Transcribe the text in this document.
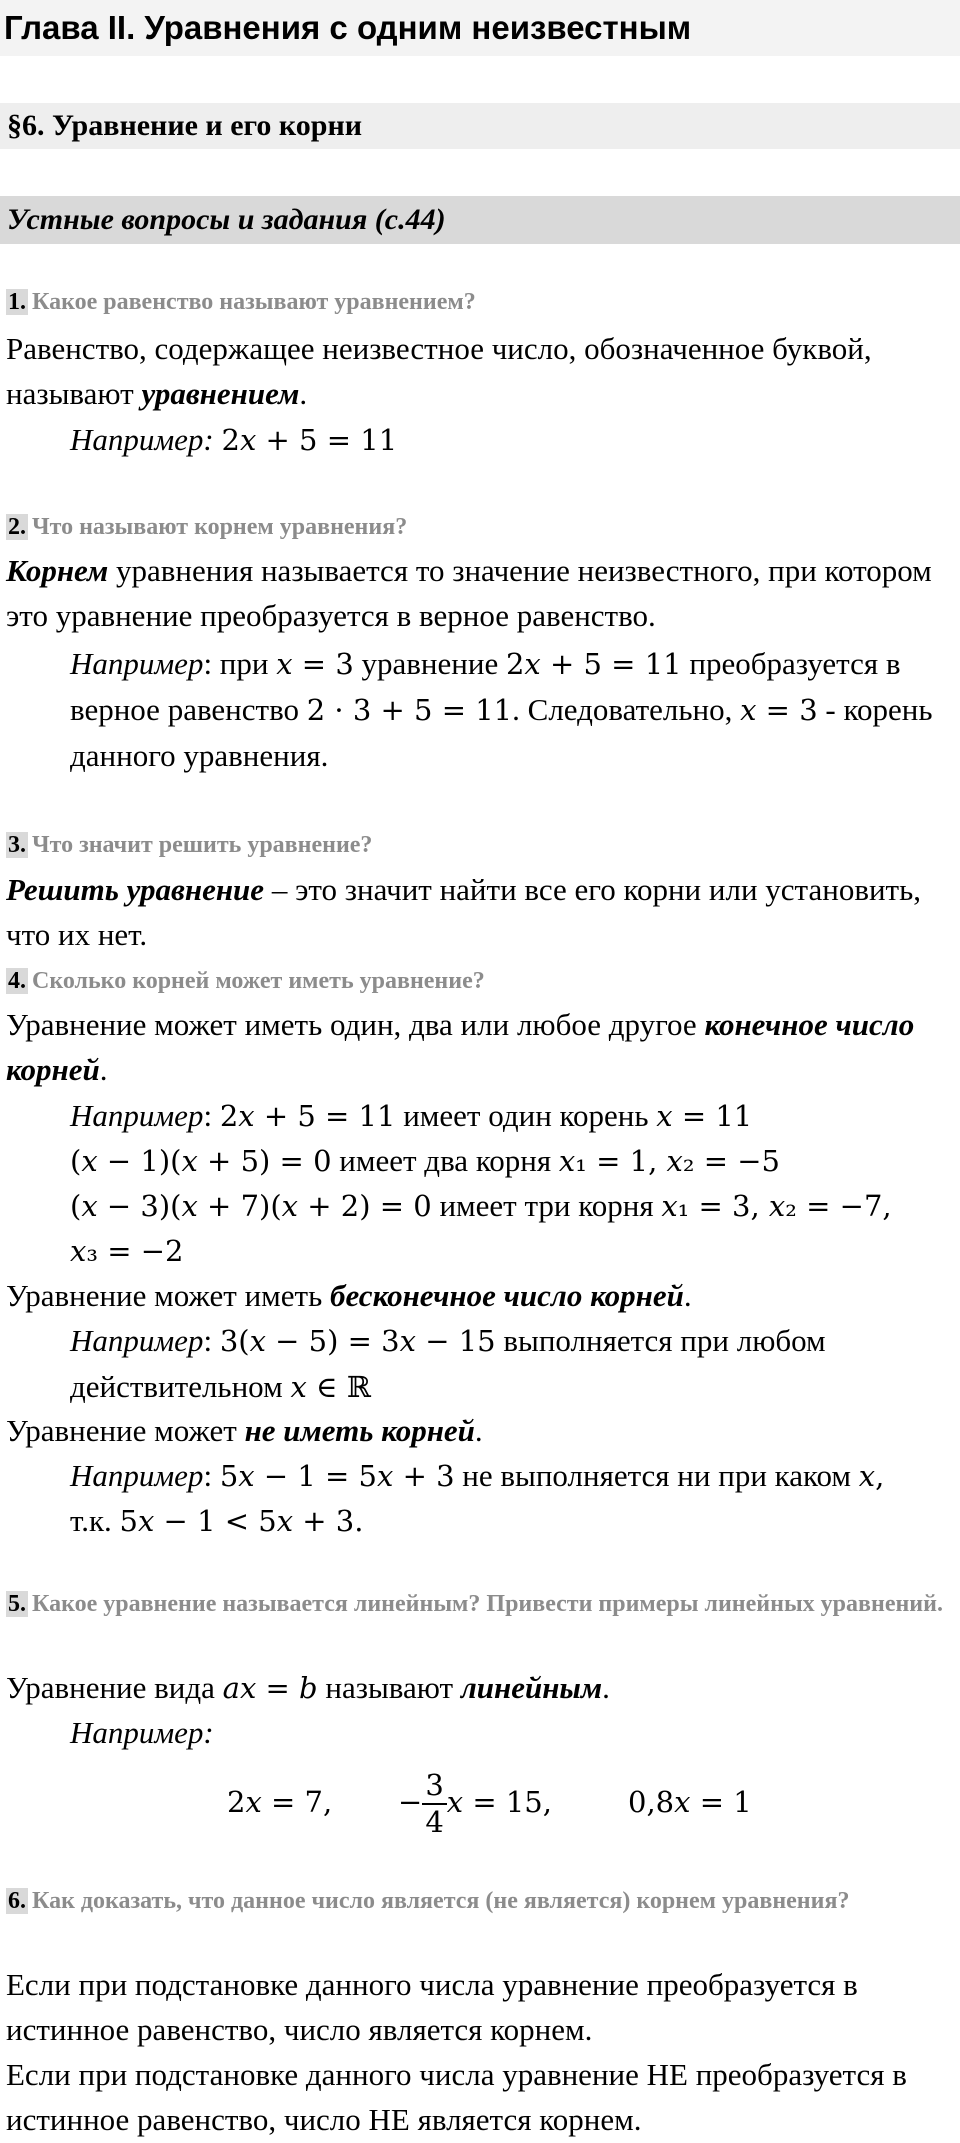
Глава II. Уравнения с одним неизвестным
§6. Уравнение и его корни
Устные вопросы и задания (с.44)
1. Какое равенство называют уравнением?
Равенство, содержащее неизвестное число, обозначенное буквой, называют уравнением.
Например: 2𝑥 + 5 = 11
2. Что называют корнем уравнения?
Корнем уравнения называется то значение неизвестного, при котором это уравнение преобразуется в верное равенство.
Например: при 𝑥 = 3 уравнение 2𝑥 + 5 = 11 преобразуется в верное равенство 2 · 3 + 5 = 11. Следовательно, 𝑥 = 3 - корень данного уравнения.
3. Что значит решить уравнение?
Решить уравнение – это значит найти все его корни или установить, что их нет.
4. Сколько корней может иметь уравнение?
Уравнение может иметь один, два или любое другое конечное число корней.
Например: 2𝑥 + 5 = 11 имеет один корень 𝑥 = 11
(𝑥 − 1)(𝑥 + 5) = 0 имеет два корня 𝑥₁ = 1, 𝑥₂ = −5
(𝑥 − 3)(𝑥 + 7)(𝑥 + 2) = 0 имеет три корня 𝑥₁ = 3, 𝑥₂ = −7,
𝑥₃ = −2
Уравнение может иметь бесконечное число корней.
Например: 3(𝑥 − 5) = 3𝑥 − 15 выполняется при любом действительном 𝑥 ∈ ℝ
Уравнение может не иметь корней.
Например: 5𝑥 − 1 = 5𝑥 + 3 не выполняется ни при каком 𝑥,
т.к. 5𝑥 − 1 < 5𝑥 + 3.
5. Какое уравнение называется линейным? Привести примеры линейных уравнений.
Уравнение вида 𝑎𝑥 = 𝑏 называют линейным.
Например:
2𝑥 = 7, − $\frac{3}{4}$ 𝑥 = 15,	0,8𝑥 = 1
6. Как доказать, что данное число является (не является) корнем уравнения?
Если при подстановке данного числа уравнение преобразуется в истинное равенство, число является корнем.
Если при подстановке данного числа уравнение НЕ преобразуется в истинное равенство, число НЕ является корнем.
